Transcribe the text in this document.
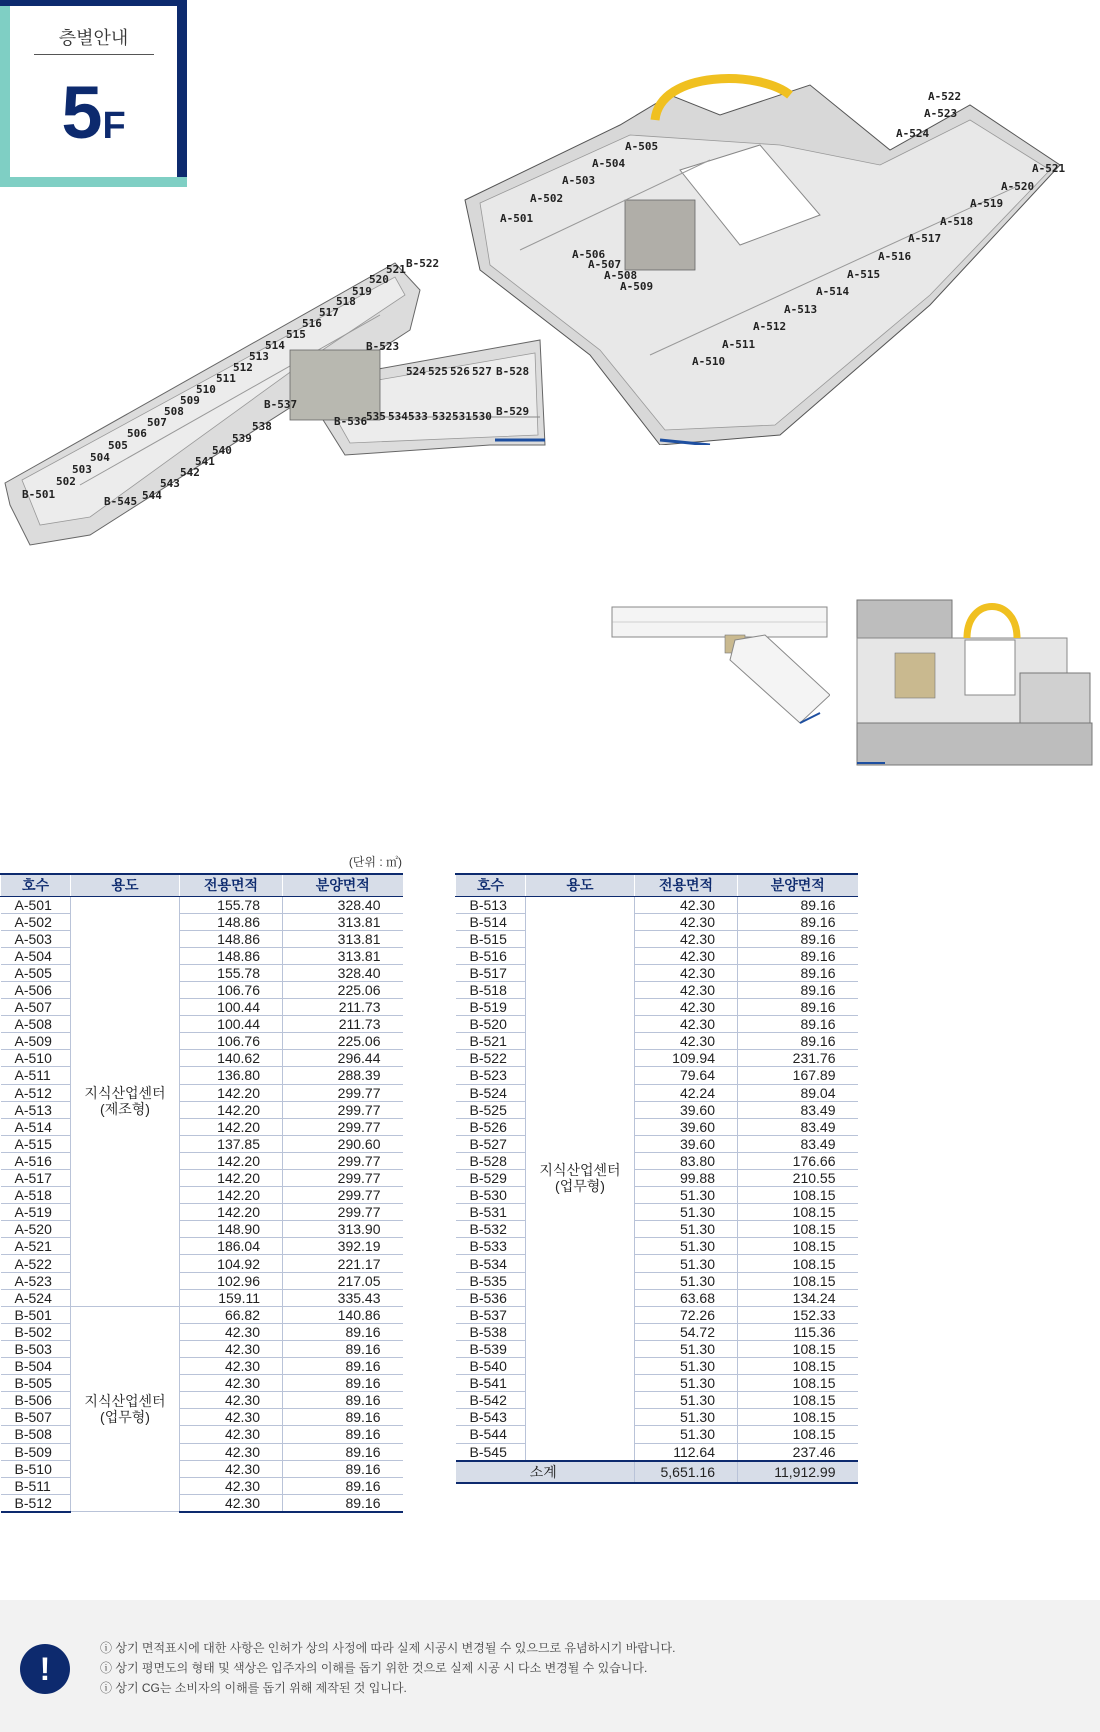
층별안내
5F
B-501
502
503
504
505
506
507
508
509
510
511
512
513
514
515
516
517
518
519
520
521 B-522
B-523
524 525 526 527 B-528
B-529
530
531
532
533
534
535
B-536
B-537
538
539
540
541
542
543
544
B-545
A-501
A-502
A-503
A-504
A-505
A-506
A-507
A-508
A-509
A-510
A-511
A-512
A-513
A-514
A-515
A-516
A-517
A-518
A-519
A-520
A-521
A-522
A-523
A-524
(단위 : ㎡)
호수	용도	전용면적	분양면적
A-501	지식산업센터
(제조형)	155.78	328.40
A-502		148.86	313.81
A-503		148.86	313.81
A-504		148.86	313.81
A-505		155.78	328.40
A-506		106.76	225.06
A-507		100.44	211.73
A-508		100.44	211.73
A-509		106.76	225.06
A-510		140.62	296.44
A-511		136.80	288.39
A-512		142.20	299.77
A-513		142.20	299.77
A-514		142.20	299.77
A-515		137.85	290.60
A-516		142.20	299.77
A-517		142.20	299.77
A-518		142.20	299.77
A-519		142.20	299.77
A-520		148.90	313.90
A-521		186.04	392.19
A-522		104.92	221.17
A-523		102.96	217.05
A-524		159.11	335.43
B-501	지식산업센터
(업무형)	66.82	140.86
B-502		42.30	89.16
B-503		42.30	89.16
B-504		42.30	89.16
B-505		42.30	89.16
B-506		42.30	89.16
B-507		42.30	89.16
B-508		42.30	89.16
B-509		42.30	89.16
B-510		42.30	89.16
B-511		42.30	89.16
B-512		42.30	89.16
호수	용도	전용면적	분양면적
B-513	지식산업센터
(업무형)	42.30	89.16
B-514		42.30	89.16
B-515		42.30	89.16
B-516		42.30	89.16
B-517		42.30	89.16
B-518		42.30	89.16
B-519		42.30	89.16
B-520		42.30	89.16
B-521		42.30	89.16
B-522		109.94	231.76
B-523		79.64	167.89
B-524		42.24	89.04
B-525		39.60	83.49
B-526		39.60	83.49
B-527		39.60	83.49
B-528		83.80	176.66
B-529		99.88	210.55
B-530		51.30	108.15
B-531		51.30	108.15
B-532		51.30	108.15
B-533		51.30	108.15
B-534		51.30	108.15
B-535		51.30	108.15
B-536		63.68	134.24
B-537		72.26	152.33
B-538		54.72	115.36
B-539		51.30	108.15
B-540		51.30	108.15
B-541		51.30	108.15
B-542		51.30	108.15
B-543		51.30	108.15
B-544		51.30	108.15
B-545		112.64	237.46
소계		5,651.16	11,912.99
!
ⓘ 상기 면적표시에 대한 사항은 인허가 상의 사정에 따라 실제 시공시 변경될 수 있으므로 유념하시기 바랍니다.
ⓘ 상기 평면도의 형태 및 색상은 입주자의 이해를 돕기 위한 것으로 실제 시공 시 다소 변경될 수 있습니다.
ⓘ 상기 CG는 소비자의 이해를 돕기 위해 제작된 것 입니다.
